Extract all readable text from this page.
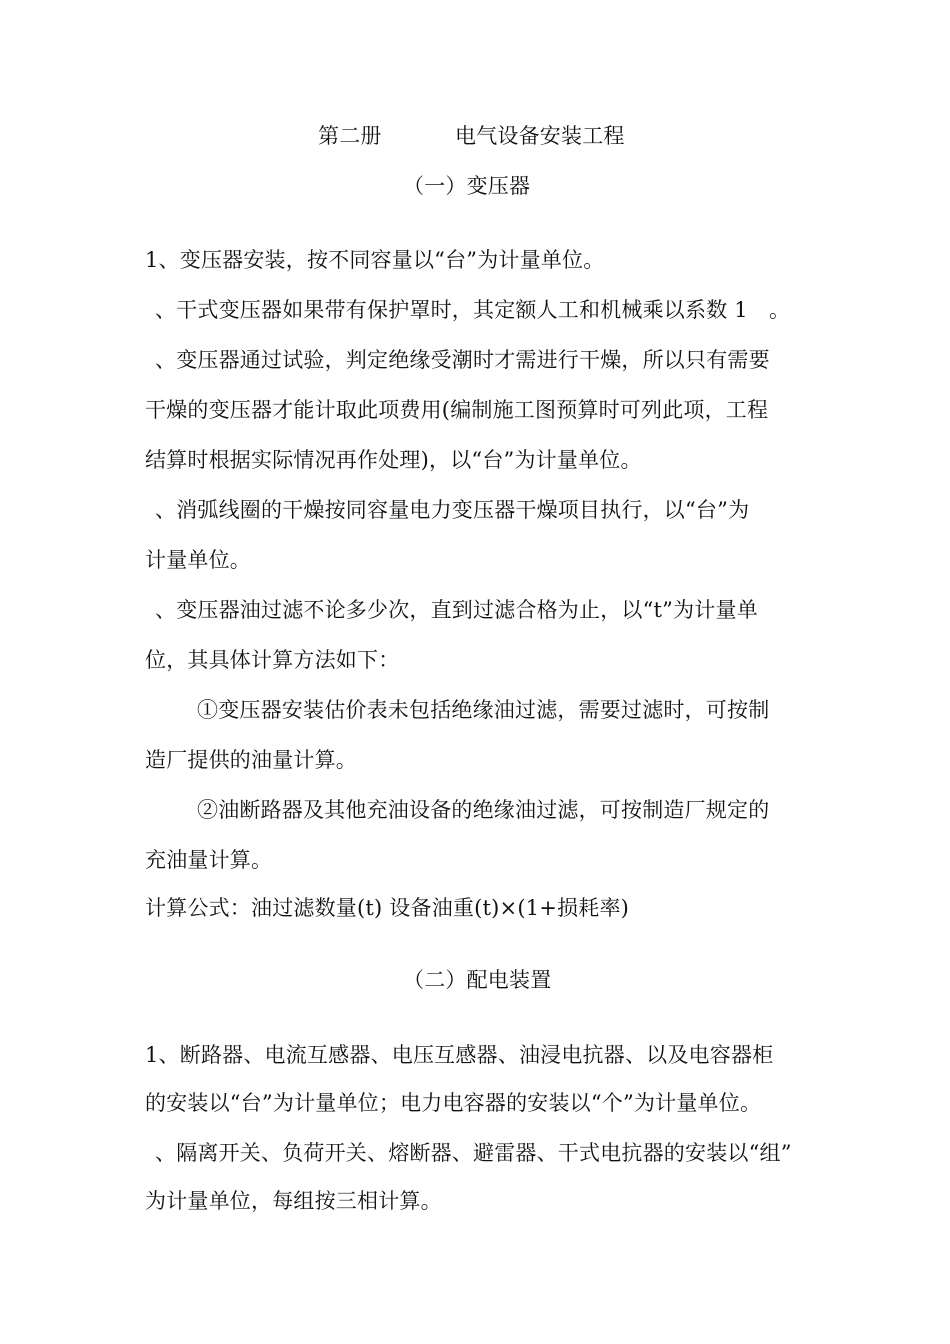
第二册	电气设备安装工程
（一）变压器
1、变压器安装，按不同容量以“台”为计量单位。
、干式变压器如果带有保护罩时，其定额人工和机械乘以系数 1　。
、变压器通过试验，判定绝缘受潮时才需进行干燥，所以只有需要
干燥的变压器才能计取此项费用(编制施工图预算时可列此项，工程
结算时根据实际情况再作处理)，以“台”为计量单位。
、消弧线圈的干燥按同容量电力变压器干燥项目执行，以“台”为
计量单位。
、变压器油过滤不论多少次，直到过滤合格为止，以“t”为计量单
位，其具体计算方法如下：
①变压器安装估价表未包括绝缘油过滤，需要过滤时，可按制
造厂提供的油量计算。
②油断路器及其他充油设备的绝缘油过滤，可按制造厂规定的
充油量计算。
计算公式：油过滤数量(t) 设备油重(t)×(1+损耗率)
（二）配电装置
1、断路器、电流互感器、电压互感器、油浸电抗器、以及电容器柜
的安装以“台”为计量单位；电力电容器的安装以“个”为计量单位。
、隔离开关、负荷开关、熔断器、避雷器、干式电抗器的安装以“组”
为计量单位，每组按三相计算。
